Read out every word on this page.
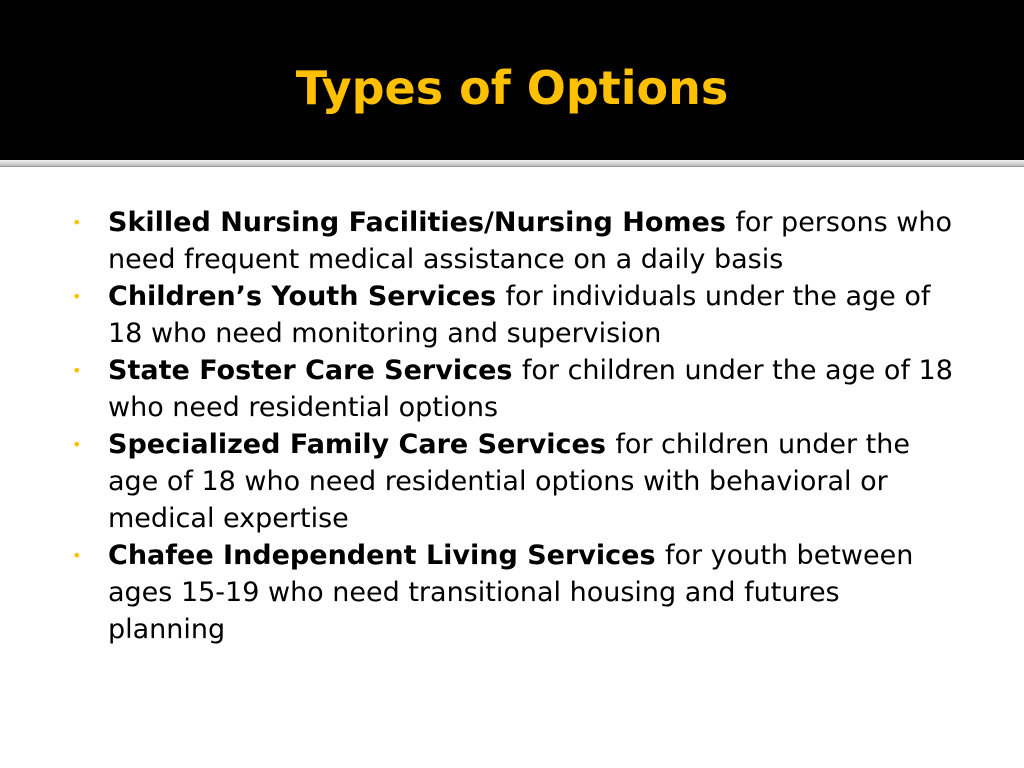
Types of Options
• Skilled Nursing Facilities/Nursing Homes for persons who need frequent medical assistance on a daily basis
• Children’s Youth Services for individuals under the age of 18 who need monitoring and supervision
• State Foster Care Services for children under the age of 18 who need residential options
• Specialized Family Care Services for children under the age of 18 who need residential options with behavioral or medical expertise
• Chafee Independent Living Services for youth between ages 15-19 who need transitional housing and futures planning
